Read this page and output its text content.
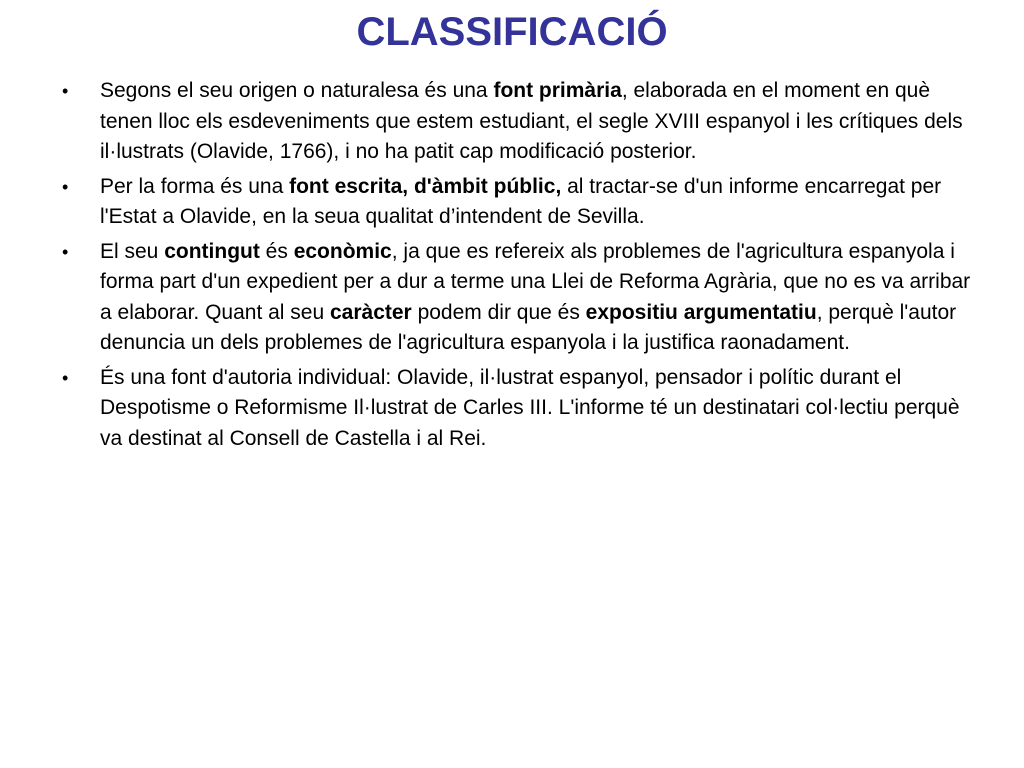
CLASSIFICACIÓ
• Segons el seu origen o naturalesa és una font primària, elaborada en el moment en què tenen lloc els esdeveniments que estem estudiant, el segle XVIII espanyol i les crítiques dels il·lustrats (Olavide, 1766), i no ha patit cap modificació posterior.
• Per la forma és una font escrita, d'àmbit públic, al tractar-se d'un informe encarregat per l'Estat a Olavide, en la seua qualitat d’intendent de Sevilla.
• El seu contingut és econòmic, ja que es refereix als problemes de l'agricultura espanyola i forma part d'un expedient per a dur a terme una Llei de Reforma Agrària, que no es va arribar a elaborar. Quant al seu caràcter podem dir que és expositiu argumentatiu, perquè l'autor denuncia un dels problemes de l'agricultura espanyola i la justifica raonadament.
• És una font d'autoria individual: Olavide, il·lustrat espanyol, pensador i polític durant el Despotisme o Reformisme Il·lustrat de Carles III. L'informe té un destinatari col·lectiu perquè va destinat al Consell de Castella i al Rei.
